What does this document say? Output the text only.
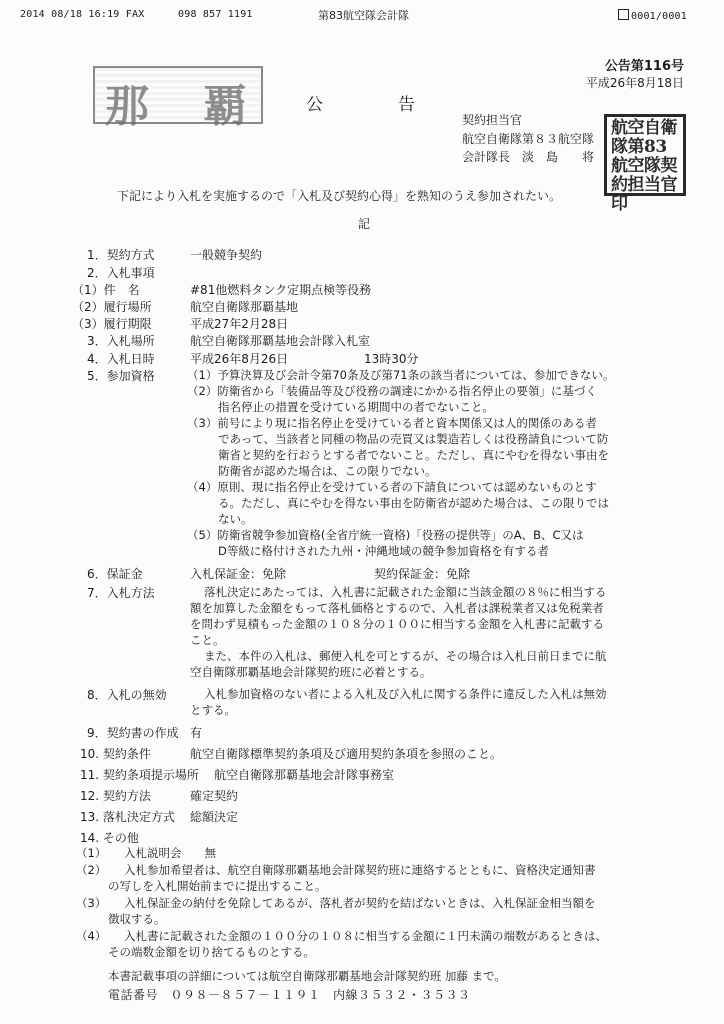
2014 08/18 16:19 FAX	098 857 1191	第83航空隊会計隊	0001/0001
公告第116号
平成26年8月18日
那 覇	公	告
契約担当官
航空自衛隊第８３航空隊
会計隊長　淡　島　　将
航空自衛隊第83航空隊契約担当官印
下記により入札を実施するので「入札及び契約心得」を熟知のうえ参加されたい。
記
1．契約方式	一般競争契約
2．入札事項
（1）件　名	#81他燃料タンク定期点検等役務
（2）履行場所	航空自衛隊那覇基地
（3）履行期限	平成27年2月28日
3．入札場所	航空自衛隊那覇基地会計隊入札室
4．入札日時	平成26年8月26日	13時30分
5．参加資格	（1）予算決算及び会計令第70条及び第71条の該当者については、参加できない。
（2）防衛省から「装備品等及び役務の調達にかかる指名停止の要領」に基づく
指名停止の措置を受けている期間中の者でないこと。
（3）前号により現に指名停止を受けている者と資本関係又は人的関係のある者
であって、当該者と同種の物品の売買又は製造若しくは役務請負について防
衛省と契約を行おうとする者でないこと。ただし、真にやむを得ない事由を
防衛省が認めた場合は、この限りでない。
（4）原則、現に指名停止を受けている者の下請負については認めないものとす
る。ただし、真にやむを得ない事由を防衛省が認めた場合は、この限りでは
ない。
（5）防衛省競争参加資格(全省庁統一資格)「役務の提供等」のA、B、C又は
D等級に格付けされた九州・沖縄地域の競争参加資格を有する者
6．保証金	入札保証金：免除	契約保証金：免除
7．入札方法	落札決定にあたっては、入札書に記載された金額に当該金額の８％に相当する
額を加算した金額をもって落札価格とするので、入札者は課税業者又は免税業者
を問わず見積もった金額の１０８分の１００に相当する金額を入札書に記載する
こと。
また、本件の入札は、郵便入札を可とするが、その場合は入札日前日までに航
空自衛隊那覇基地会計隊契約班に必着とする。
8．入札の無効	入札参加資格のない者による入札及び入札に関する条件に違反した入札は無効
とする。
9．契約書の作成 有
10. 契約条件	航空自衛隊標準契約条項及び適用契約条項を参照のこと。
11. 契約条項提示場所 航空自衛隊那覇基地会計隊事務室
12. 契約方法	確定契約
13. 落札決定方式 総額決定
14. その他
（1） 入札説明会　　無
（2） 入札参加希望者は、航空自衛隊那覇基地会計隊契約班に連絡するとともに、資格決定通知書
の写しを入札開始前までに提出すること。
（3） 入札保証金の納付を免除してあるが、落札者が契約を結ばないときは、入札保証金相当額を
徴収する。
（4） 入札書に記載された金額の１００分の１０８に相当する金額に１円未満の端数があるときは、
その端数金額を切り捨てるものとする。
本書記載事項の詳細については航空自衛隊那覇基地会計隊契約班 加藤 まで。
電話番号　０９８－８５７－１１９１　内線３５３２・３５３３
